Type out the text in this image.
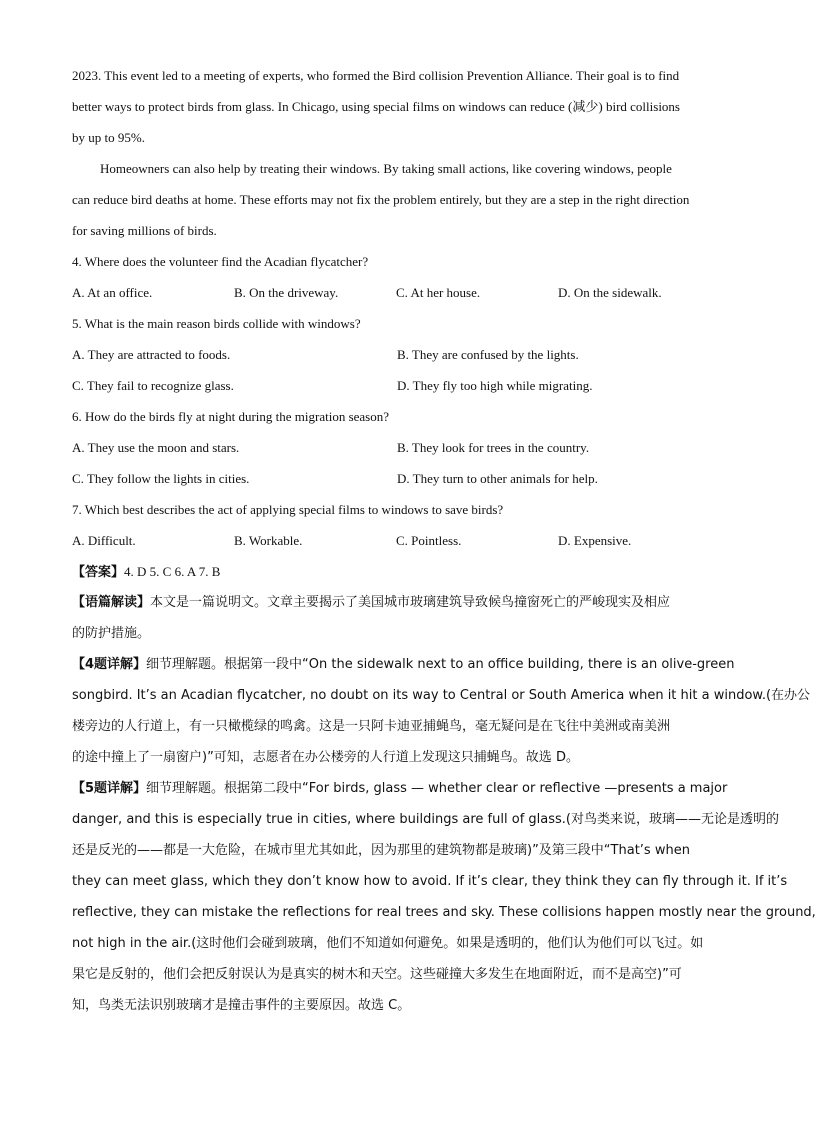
2023. This event led to a meeting of experts, who formed the Bird collision Prevention Alliance. Their goal is to find
better ways to protect birds from glass. In Chicago, using special films on windows can reduce (减少) bird collisions
by up to 95%.
Homeowners can also help by treating their windows. By taking small actions, like covering windows, people
can reduce bird deaths at home. These efforts may not fix the problem entirely, but they are a step in the right direction
for saving millions of birds.
4. Where does the volunteer find the Acadian flycatcher?
A. At an office.	B. On the driveway.	C. At her house.	D. On the sidewalk.
5. What is the main reason birds collide with windows?
A. They are attracted to foods.	B. They are confused by the lights.
C. They fail to recognize glass.	D. They fly too high while migrating.
6. How do the birds fly at night during the migration season?
A. They use the moon and stars.	B. They look for trees in the country.
C. They follow the lights in cities.	D. They turn to other animals for help.
7. Which best describes the act of applying special films to windows to save birds?
A. Difficult.	B. Workable.	C. Pointless.	D. Expensive.
【答案】4. D 5. C 6. A 7. B
【语篇解读】本文是一篇说明文。文章主要揭示了美国城市玻璃建筑导致候鸟撞窗死亡的严峻现实及相应
的防护措施。
【4题详解】细节理解题。根据第一段中“On the sidewalk next to an office building, there is an olive-green
songbird. It’s an Acadian flycatcher, no doubt on its way to Central or South America when it hit a window.(在办公
楼旁边的人行道上，有一只橄榄绿的鸣禽。这是一只阿卡迪亚捕蝇鸟，毫无疑问是在飞往中美洲或南美洲
的途中撞上了一扇窗户)”可知，志愿者在办公楼旁的人行道上发现这只捕蝇鸟。故选 D。
【5题详解】细节理解题。根据第二段中“For birds, glass — whether clear or reflective —presents a major
danger, and this is especially true in cities, where buildings are full of glass.(对鸟类来说，玻璃——无论是透明的
还是反光的——都是一大危险，在城市里尤其如此，因为那里的建筑物都是玻璃)”及第三段中“That’s when
they can meet glass, which they don’t know how to avoid. If it’s clear, they think they can fly through it. If it’s
reflective, they can mistake the reflections for real trees and sky. These collisions happen mostly near the ground,
not high in the air.(这时他们会碰到玻璃，他们不知道如何避免。如果是透明的，他们认为他们可以飞过。如
果它是反射的，他们会把反射误认为是真实的树木和天空。这些碰撞大多发生在地面附近，而不是高空)”可
知，鸟类无法识别玻璃才是撞击事件的主要原因。故选 C。
